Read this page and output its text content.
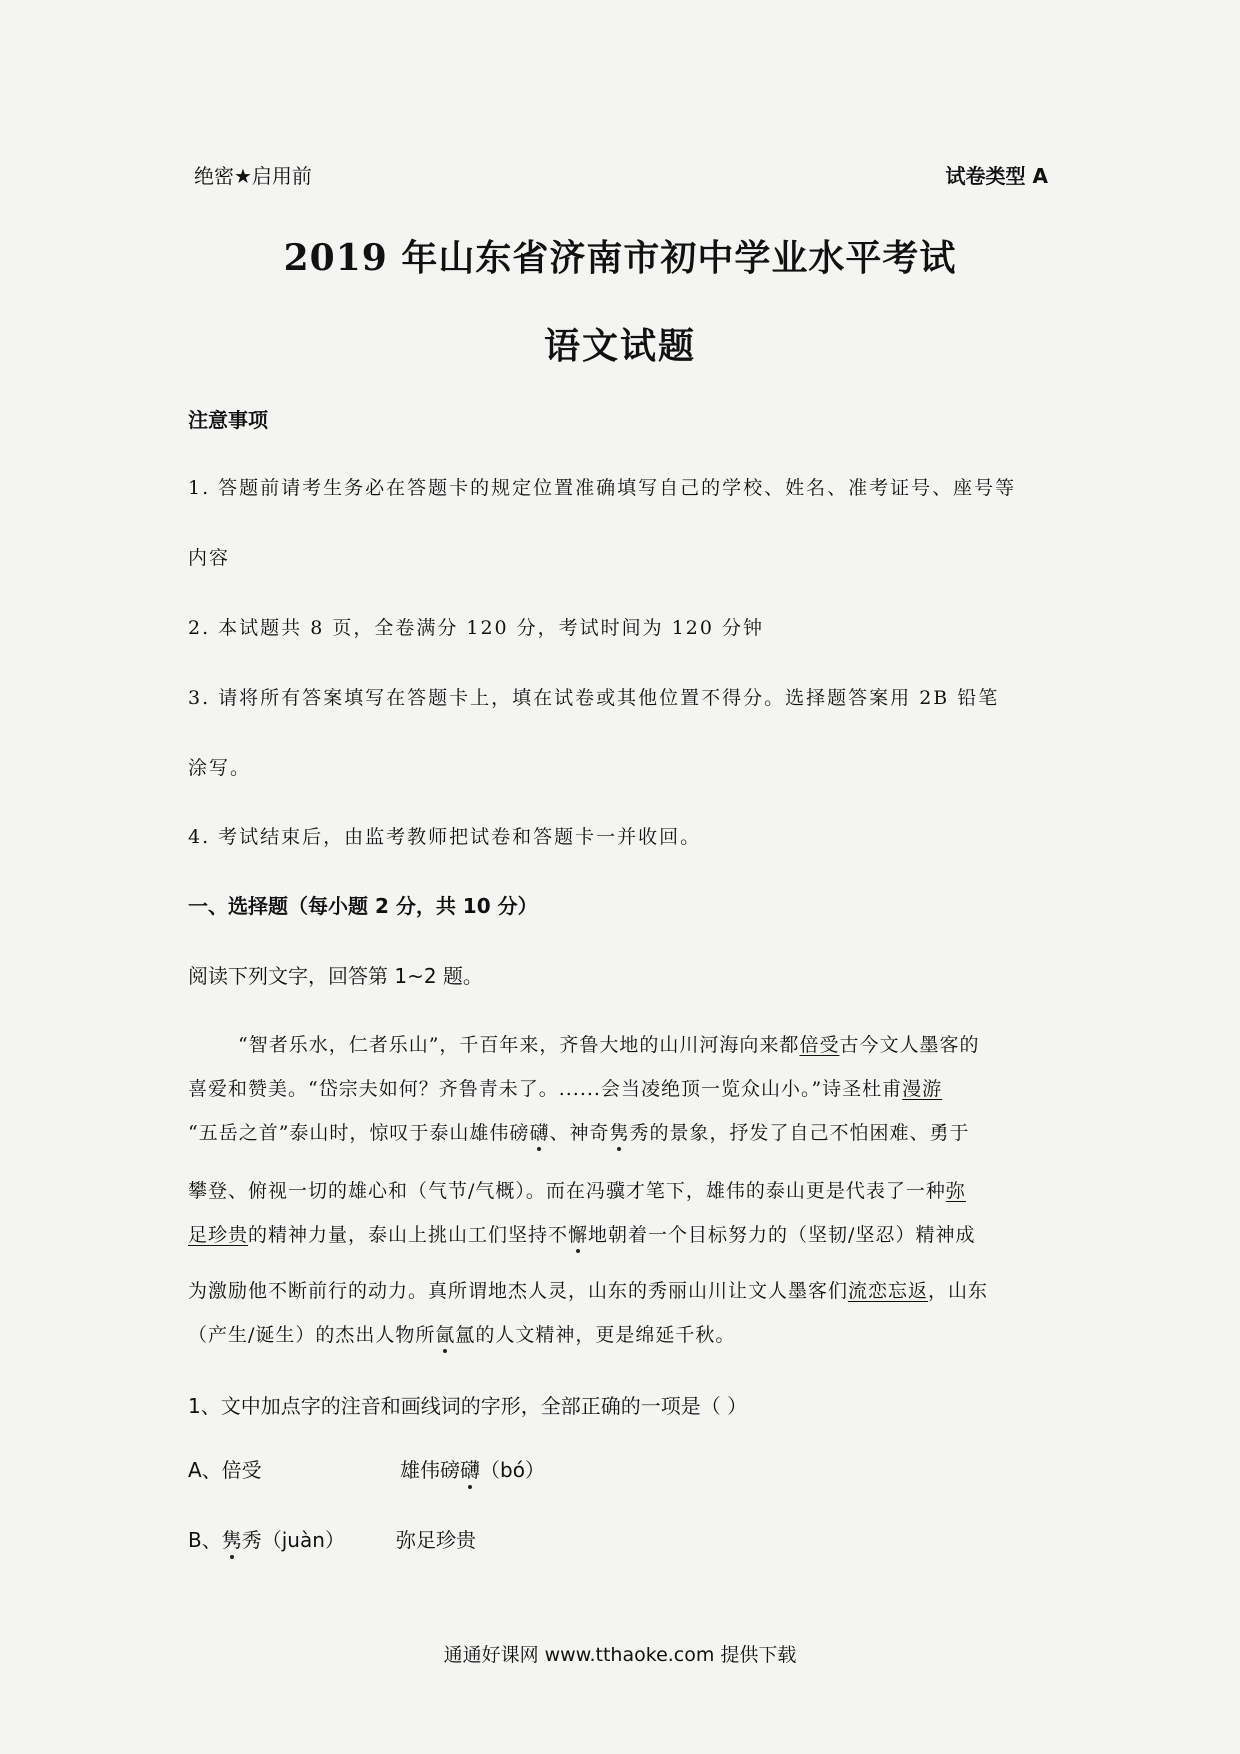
绝密★启用前	试卷类型 A
2019 年山东省济南市初中学业水平考试
语文试题
注意事项
1. 答题前请考生务必在答题卡的规定位置准确填写自己的学校、姓名、准考证号、座号等
内容
2. 本试题共 8 页，全卷满分 120 分，考试时间为 120 分钟
3. 请将所有答案填写在答题卡上，填在试卷或其他位置不得分。选择题答案用 2B 铅笔
涂写。
4. 考试结束后，由监考教师把试卷和答题卡一并收回。
一、选择题（每小题 2 分，共 10 分）
阅读下列文字，回答第 1~2 题。
“智者乐水，仁者乐山”，千百年来，齐鲁大地的山川河海向来都倍受古今文人墨客的
喜爱和赞美。“岱宗夫如何？齐鲁青未了。......会当凌绝顶一览众山小。”诗圣杜甫漫游
“五岳之首”泰山时，惊叹于泰山雄伟磅礴、神奇隽秀的景象，抒发了自己不怕困难、勇于
攀登、俯视一切的雄心和（气节/气概）。而在冯骥才笔下，雄伟的泰山更是代表了一种弥
足珍贵的精神力量，泰山上挑山工们坚持不懈地朝着一个目标努力的（坚韧/坚忍）精神成
为激励他不断前行的动力。真所谓地杰人灵，山东的秀丽山川让文人墨客们流恋忘返，山东
（产生/诞生）的杰出人物所氤氲的人文精神，更是绵延千秋。
1、文中加点字的注音和画线词的字形，全部正确的一项是（ ）
A、倍受	雄伟磅礴（bó）
B、隽秀（juàn）	弥足珍贵
通通好课网 www.tthaoke.com 提供下载
